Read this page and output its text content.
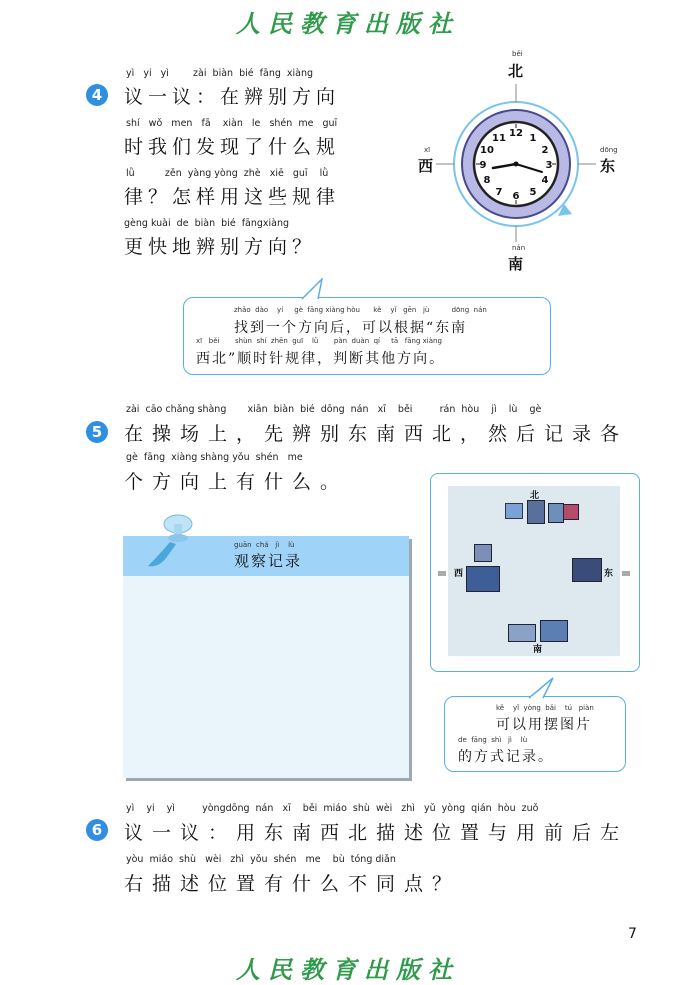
人民教育出版社
4
yì   yi   yì        zài  biàn  bié  fāng  xiàng
议一议：在辨别方向
shí   wǒ   men   fā    xiàn   le   shén  me   guī
时我们发现了什么规
lǜ          zěn  yàng yòng  zhè   xiē   guī    lǜ
律？怎样用这些规律
gèng kuài  de  biàn  bié  fāngxiàng
更快地辨别方向？
12 1
2
3
4
5
6
7
8
9
10
11
běi
北
xī
西
dōng
东
nán
南
zhǎo  dào    yí     gè  fāng xiàng hòu      kě    yǐ   gēn   jù          dōng  nán
找到一个方向后，可以根据“东南
xī   běi       shùn  shí  zhēn  guī    lǜ       pàn  duàn  qí     tā   fāng xiàng
西北”顺时针规律，判断其他方向。
5
zài  cāo chǎng shàng       xiān  biàn  bié  dōng  nán   xī    běi         rán  hòu    jì    lù    gè
在操场上，先辨别东南西北，然后记录各
gè  fāng  xiàng shàng yǒu  shén   me
个方向上有什么。
guān  chá   jì    lù
观察记录
北
西	东
南
kě    yǐ  yòng  bǎi    tú   piàn
可以用摆图片
de  fāng  shì   jì    lù
的方式记录。
6
yì    yi    yì         yòngdōng  nán   xī    běi  miáo  shù  wèi   zhì   yǔ  yòng  qián  hòu  zuǒ
议一议：用东南西北描述位置与用前后左
yòu  miáo  shù   wèi   zhì  yǒu  shén   me    bù  tóng diǎn
右描述位置有什么不同点？
7
人民教育出版社
